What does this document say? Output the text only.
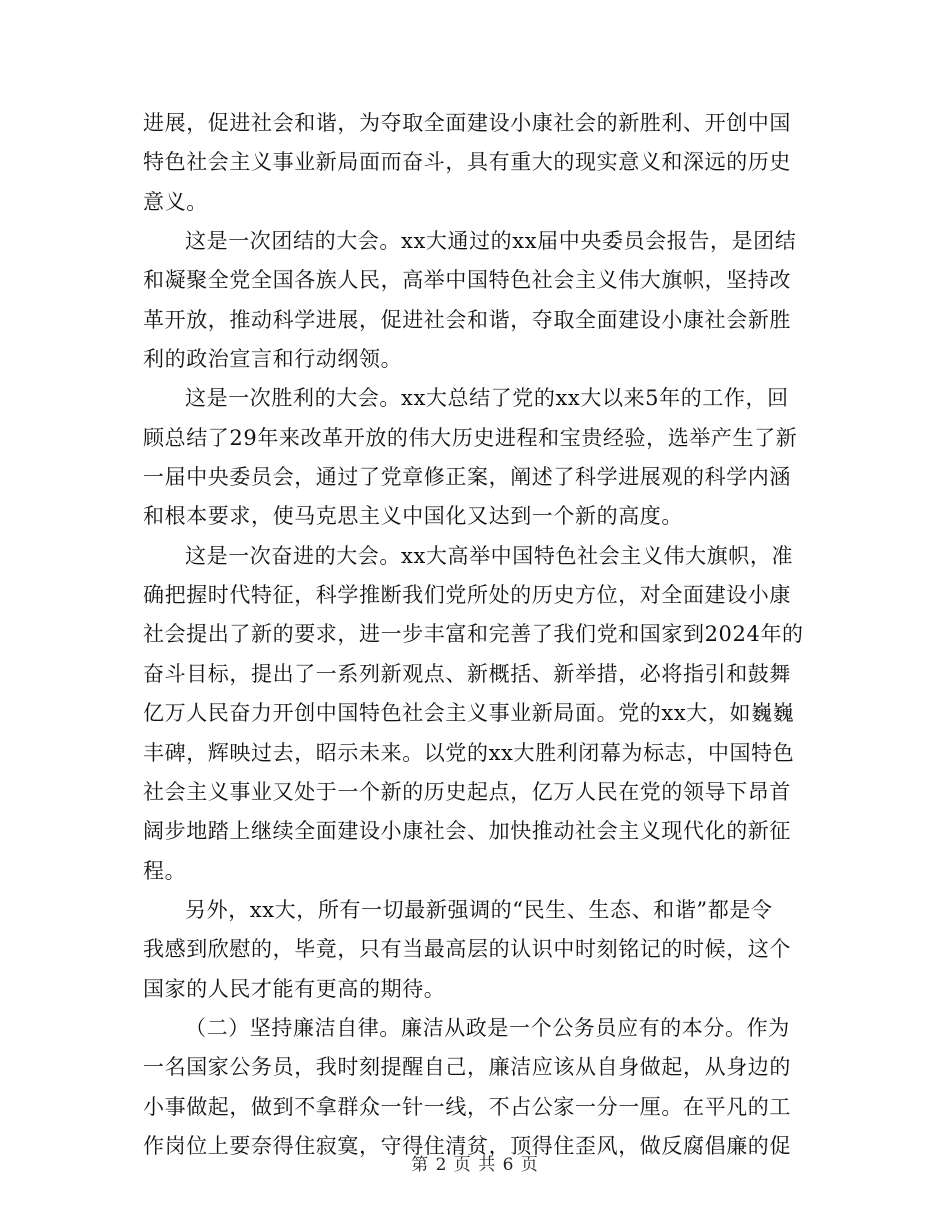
进展，促进社会和谐，为夺取全面建设小康社会的新胜利、开创中国
特色社会主义事业新局面而奋斗，具有重大的现实意义和深远的历史
意义。
这是一次团结的大会。xx大通过的xx届中央委员会报告，是团结
和凝聚全党全国各族人民，高举中国特色社会主义伟大旗帜，坚持改
革开放，推动科学进展，促进社会和谐，夺取全面建设小康社会新胜
利的政治宣言和行动纲领。
这是一次胜利的大会。xx大总结了党的xx大以来5年的工作，回
顾总结了29年来改革开放的伟大历史进程和宝贵经验，选举产生了新
一届中央委员会，通过了党章修正案，阐述了科学进展观的科学内涵
和根本要求，使马克思主义中国化又达到一个新的高度。
这是一次奋进的大会。xx大高举中国特色社会主义伟大旗帜，准
确把握时代特征，科学推断我们党所处的历史方位，对全面建设小康
社会提出了新的要求，进一步丰富和完善了我们党和国家到2024年的
奋斗目标，提出了一系列新观点、新概括、新举措，必将指引和鼓舞
亿万人民奋力开创中国特色社会主义事业新局面。党的xx大，如巍巍
丰碑，辉映过去，昭示未来。以党的xx大胜利闭幕为标志，中国特色
社会主义事业又处于一个新的历史起点，亿万人民在党的领导下昂首
阔步地踏上继续全面建设小康社会、加快推动社会主义现代化的新征
程。
另外，xx大，所有一切最新强调的“民生、生态、和谐”都是令
我感到欣慰的，毕竟，只有当最高层的认识中时刻铭记的时候，这个
国家的人民才能有更高的期待。
（二）坚持廉洁自律。廉洁从政是一个公务员应有的本分。作为
一名国家公务员，我时刻提醒自己，廉洁应该从自身做起，从身边的
小事做起，做到不拿群众一针一线，不占公家一分一厘。在平凡的工
作岗位上要奈得住寂寞，守得住清贫，顶得住歪风，做反腐倡廉的促
第 2 页 共 6 页
